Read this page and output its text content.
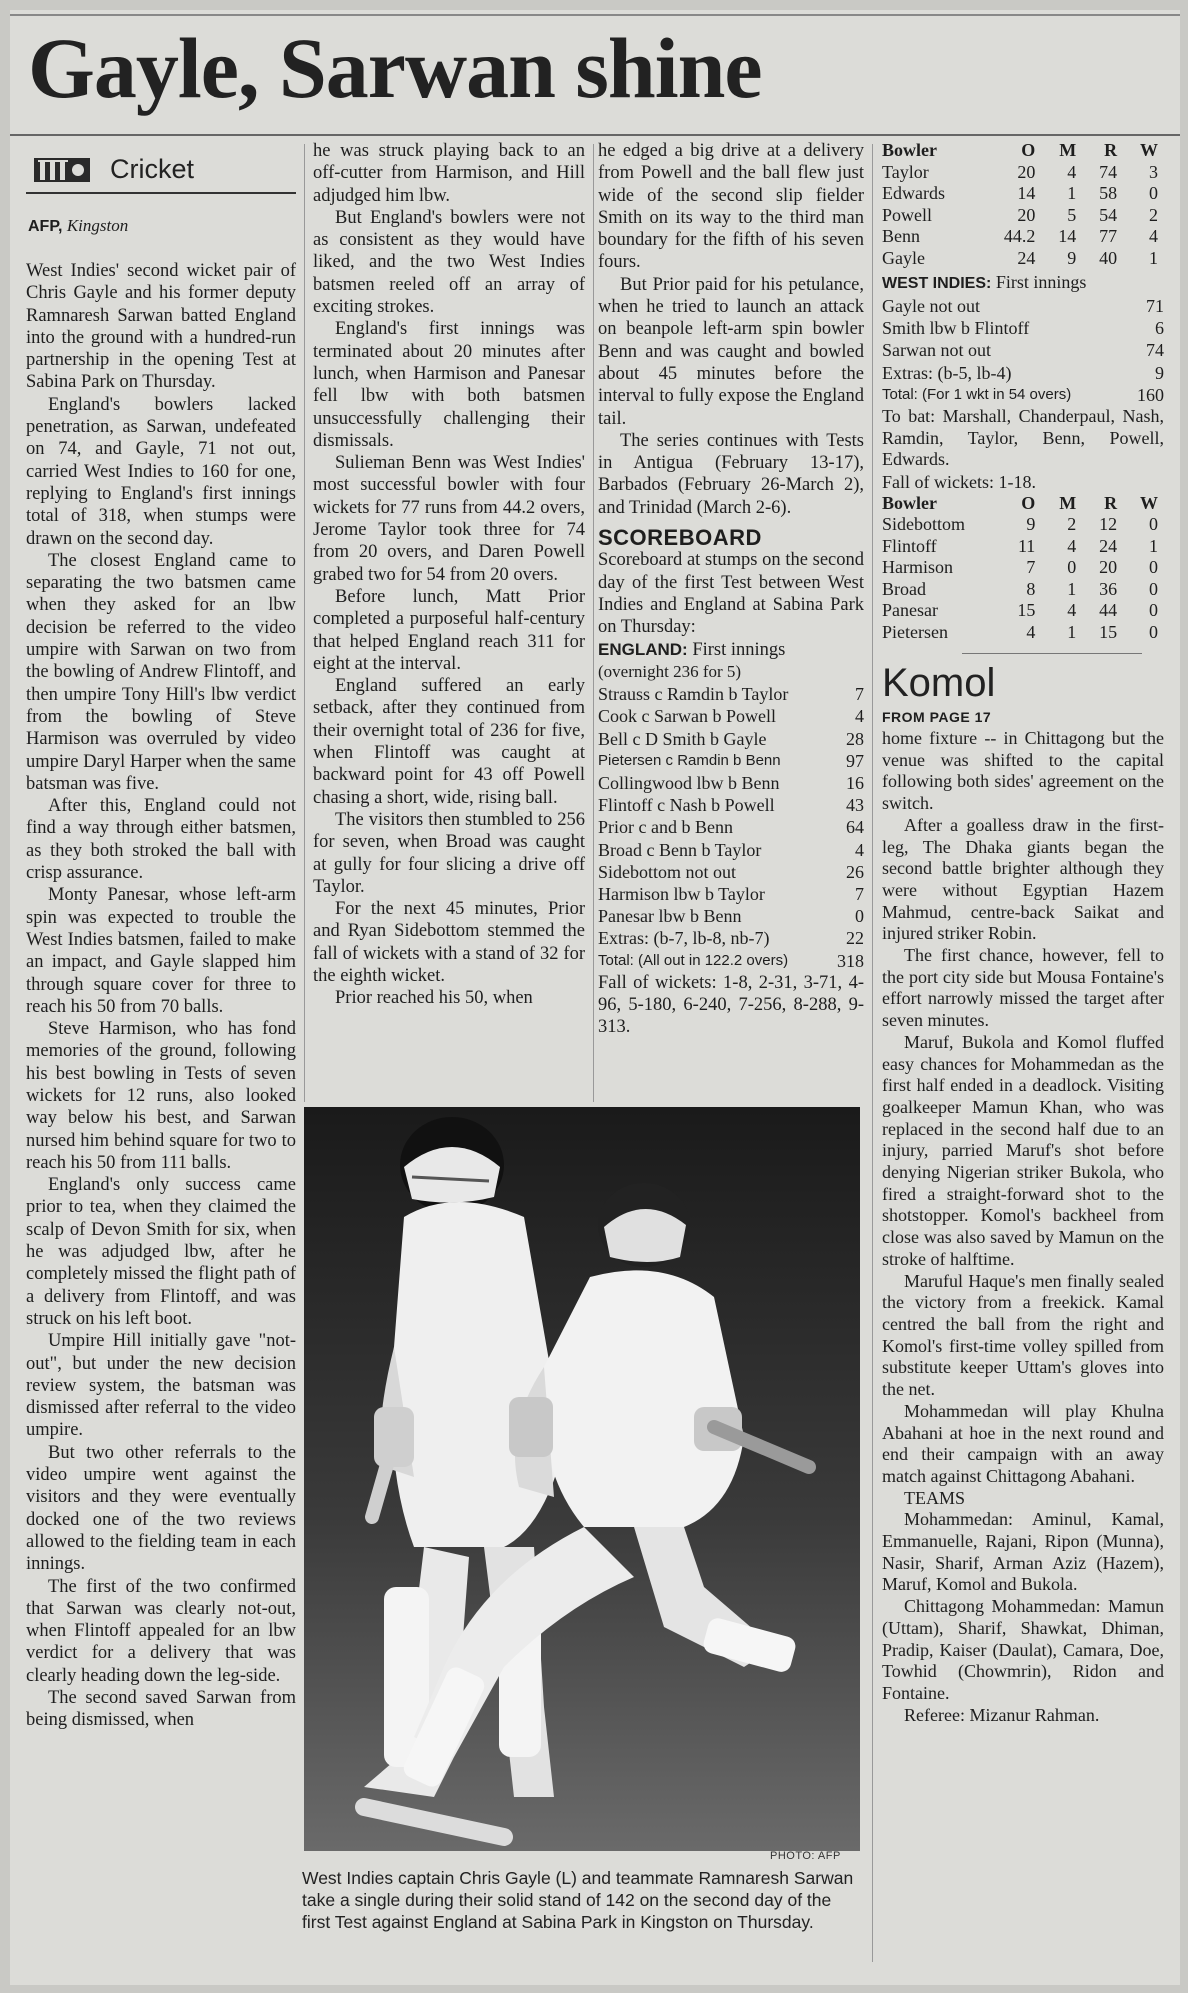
Gayle, Sarwan shine
Cricket
AFP, Kingston

West Indies' second wicket pair of Chris Gayle and his former deputy Ramnaresh Sarwan batted England into the ground with a hundred-run partnership in the opening Test at Sabina Park on Thursday.

England's bowlers lacked penetration, as Sarwan, undefeated on 74, and Gayle, 71 not out, carried West Indies to 160 for one, replying to England's first innings total of 318, when stumps were drawn on the second day.

The closest England came to separating the two batsmen came when they asked for an lbw decision be referred to the video umpire with Sarwan on two from the bowling of Andrew Flintoff, and then umpire Tony Hill's lbw verdict from the bowling of Steve Harmison was overruled by video umpire Daryl Harper when the same batsman was five.

After this, England could not find a way through either batsmen, as they both stroked the ball with crisp assurance.

Monty Panesar, whose left-arm spin was expected to trouble the West Indies batsmen, failed to make an impact, and Gayle slapped him through square cover for three to reach his 50 from 70 balls.

Steve Harmison, who has fond memories of the ground, following his best bowling in Tests of seven wickets for 12 runs, also looked way below his best, and Sarwan nursed him behind square for two to reach his 50 from 111 balls.

England's only success came prior to tea, when they claimed the scalp of Devon Smith for six, when he was adjudged lbw, after he completely missed the flight path of a delivery from Flintoff, and was struck on his left boot.

Umpire Hill initially gave "not-out", but under the new decision review system, the batsman was dismissed after referral to the video umpire.

But two other referrals to the video umpire went against the visitors and they were eventually docked one of the two reviews allowed to the fielding team in each innings.

The first of the two confirmed that Sarwan was clearly not-out, when Flintoff appealed for an lbw verdict for a delivery that was clearly heading down the leg-side.

The second saved Sarwan from being dismissed, when

he was struck playing back to an off-cutter from Harmison, and Hill adjudged him lbw.

But England's bowlers were not as consistent as they would have liked, and the two West Indies batsmen reeled off an array of exciting strokes.

England's first innings was terminated about 20 minutes after lunch, when Harmison and Panesar fell lbw with both batsmen unsuccessfully challenging their dismissals.

Sulieman Benn was West Indies' most successful bowler with four wickets for 77 runs from 44.2 overs, Jerome Taylor took three for 74 from 20 overs, and Daren Powell grabed two for 54 from 20 overs.

Before lunch, Matt Prior completed a purposeful half-century that helped England reach 311 for eight at the interval.

England suffered an early setback, after they continued from their overnight total of 236 for five, when Flintoff was caught at backward point for 43 off Powell chasing a short, wide, rising ball.

The visitors then stumbled to 256 for seven, when Broad was caught at gully for four slicing a drive off Taylor.

For the next 45 minutes, Prior and Ryan Sidebottom stemmed the fall of wickets with a stand of 32 for the eighth wicket.

Prior reached his 50, when

he edged a big drive at a delivery from Powell and the ball flew just wide of the second slip fielder Smith on its way to the third man boundary for the fifth of his seven fours.

But Prior paid for his petulance, when he tried to launch an attack on beanpole left-arm spin bowler Benn and was caught and bowled about 45 minutes before the interval to fully expose the England tail.

The series continues with Tests in Antigua (February 13-17), Barbados (February 26-March 2), and Trinidad (March 2-6).

SCOREBOARD

Scoreboard at stumps on the second day of the first Test between West Indies and England at Sabina Park on Thursday:

ENGLAND: First innings
(overnight 236 for 5)
Strauss c Ramdin b Taylor	7
Cook c Sarwan b Powell	4
Bell c D Smith b Gayle	28
Pietersen c Ramdin b Benn	97
Collingwood lbw b Benn	16
Flintoff c Nash b Powell	43
Prior c and b Benn	64
Broad c Benn b Taylor	4
Sidebottom not out	26
Harmison lbw b Taylor	7
Panesar lbw b Benn	0
Extras: (b-7, lb-8, nb-7)	22
Total: (All out in 122.2 overs)	318

Fall of wickets: 1-8, 2-31, 3-71, 4-96, 5-180, 6-240, 7-256, 8-288, 9-313.

Bowler	O	M	R	W
Taylor	20	4	74	3
Edwards	14	1	58	0
Powell	20	5	54	2
Benn	44.2	14	77	4
Gayle	24	9	40	1
WEST INDIES: First innings
Gayle not out	71
Smith lbw b Flintoff	6
Sarwan not out	74
Extras: (b-5, lb-4)	9
Total: (For 1 wkt in 54 overs)	160
To bat: Marshall, Chanderpaul, Nash, Ramdin, Taylor, Benn, Powell, Edwards.
Fall of wickets: 1-18.
Bowler	O	M	R	W
Sidebottom	9	2	12	0
Flintoff	11	4	24	1
Harmison	7	0	20	0
Broad	8	1	36	0
Panesar	15	4	44	0
Pietersen	4	1	15	0
Komol
FROM PAGE 17

home fixture -- in Chittagong but the venue was shifted to the capital following both sides' agreement on the switch.

After a goalless draw in the first-leg, The Dhaka giants began the second battle brighter although they were without Egyptian Hazem Mahmud, centre-back Saikat and injured striker Robin.

The first chance, however, fell to the port city side but Mousa Fontaine's effort narrowly missed the target after seven minutes.

Maruf, Bukola and Komol fluffed easy chances for Mohammedan as the first half ended in a deadlock. Visiting goalkeeper Mamun Khan, who was replaced in the second half due to an injury, parried Maruf's shot before denying Nigerian striker Bukola, who fired a straight-forward shot to the shotstopper. Komol's backheel from close was also saved by Mamun on the stroke of halftime.

Maruful Haque's men finally sealed the victory from a freekick. Kamal centred the ball from the right and Komol's first-time volley spilled from substitute keeper Uttam's gloves into the net.

Mohammedan will play Khulna Abahani at hoe in the next round and end their campaign with an away match against Chittagong Abahani.

TEAMS

Mohammedan: Aminul, Kamal, Emmanuelle, Rajani, Ripon (Munna), Nasir, Sharif, Arman Aziz (Hazem), Maruf, Komol and Bukola.

Chittagong Mohammedan: Mamun (Uttam), Sharif, Shawkat, Dhiman, Pradip, Kaiser (Daulat), Camara, Doe, Towhid (Chowmrin), Ridon and Fontaine.

Referee: Mizanur Rahman.

PHOTO: AFP
West Indies captain Chris Gayle (L) and teammate Ramnaresh Sarwan take a single during their solid stand of 142 on the second day of the first Test against England at Sabina Park in Kingston on Thursday.
